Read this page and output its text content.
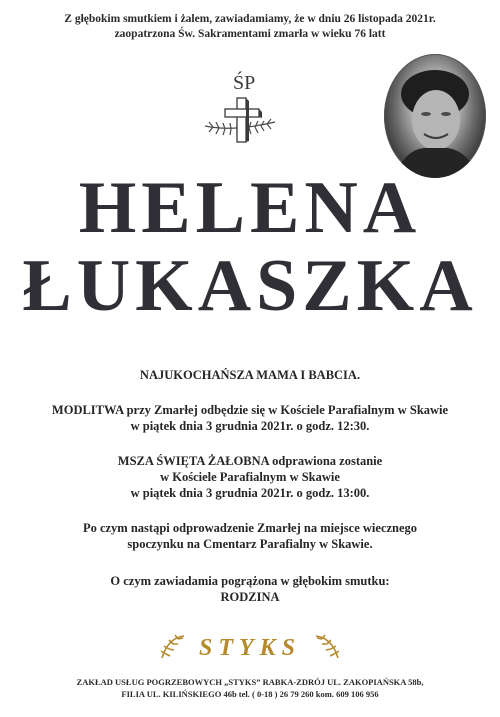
Z głębokim smutkiem i żalem, zawiadamiamy, że w dniu 26 listopada 2021r.
zaopatrzona Św. Sakramentami zmarła w wieku 76 latt
ŚP
HELENA
ŁUKASZKA
NAJUKOCHAŃSZA MAMA I BABCIA.
MODLITWA przy Zmarłej odbędzie się w Kościele Parafialnym w Skawie
w piątek dnia 3 grudnia 2021r. o godz. 12:30.
MSZA ŚWIĘTA ŻAŁOBNA odprawiona zostanie
w Kościele Parafialnym w Skawie
w piątek dnia 3 grudnia 2021r. o godz. 13:00.
Po czym nastąpi odprowadzenie Zmarłej na miejsce wiecznego
spoczynku na Cmentarz Parafialny w Skawie.
O czym zawiadamia pogrążona w głębokim smutku:
RODZINA
STYKS
ZAKŁAD USŁUG POGRZEBOWYCH „STYKS” RABKA-ZDRÓJ UL. ZAKOPIAŃSKA 58b,
FILIA UL. KILIŃSKIEGO 46b tel. ( 0-18 ) 26 79 260 kom. 609 106 956
